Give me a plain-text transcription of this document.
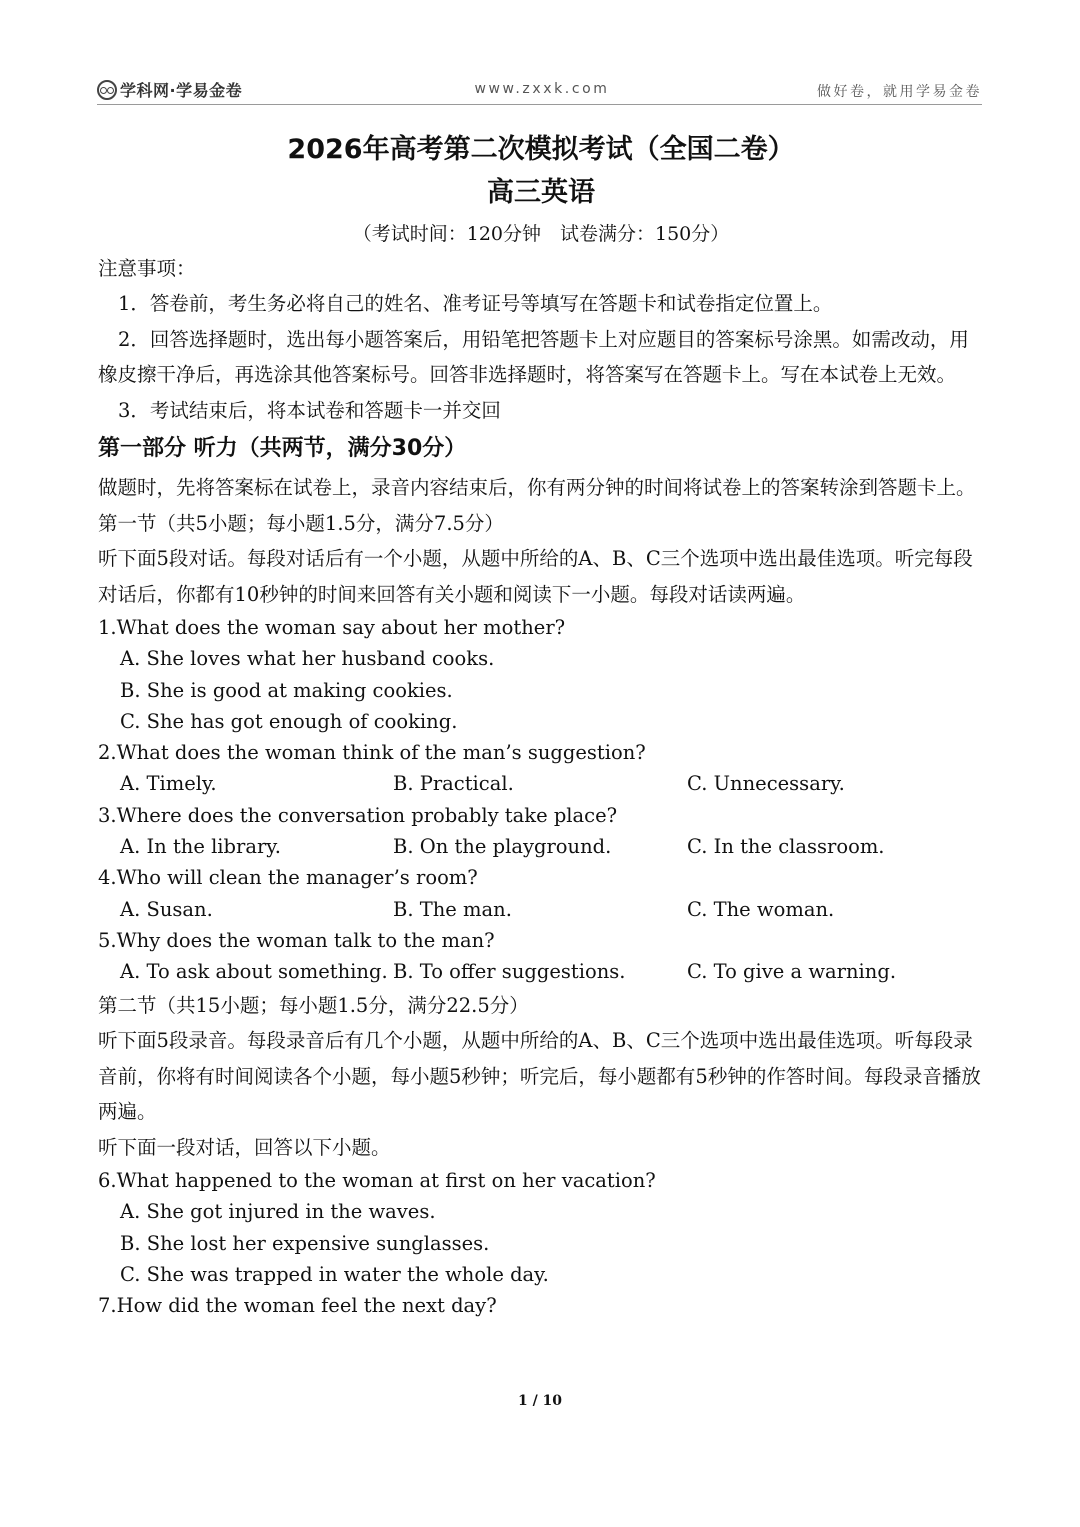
学科网·学易金卷	www.zxxk.com	做好卷，就用学易金卷
2026年高考第二次模拟考试（全国二卷）
高三英语

（考试时间：120分钟　试卷满分：150分）

注意事项：

1．答卷前，考生务必将自己的姓名、准考证号等填写在答题卡和试卷指定位置上。

2．回答选择题时，选出每小题答案后，用铅笔把答题卡上对应题目的答案标号涂黑。如需改动，用橡皮擦干净后，再选涂其他答案标号。回答非选择题时，将答案写在答题卡上。写在本试卷上无效。

3．考试结束后，将本试卷和答题卡一并交回

第一部分 听力（共两节，满分30分）

做题时，先将答案标在试卷上，录音内容结束后，你有两分钟的时间将试卷上的答案转涂到答题卡上。

第一节（共5小题；每小题1.5分，满分7.5分）

听下面5段对话。每段对话后有一个小题，从题中所给的A、B、C三个选项中选出最佳选项。听完每段对话后，你都有10秒钟的时间来回答有关小题和阅读下一小题。每段对话读两遍。

1.What does the woman say about her mother?
A. She loves what her husband cooks.
B. She is good at making cookies.
C. She has got enough of cooking.
2.What does the woman think of the man’s suggestion?
A. Timely.	B. Practical.	C. Unnecessary.
3.Where does the conversation probably take place?
A. In the library.	B. On the playground.	C. In the classroom.
4.Who will clean the manager’s room?
A. Susan.	B. The man.	C. The woman.
5.Why does the woman talk to the man?
A. To ask about something. B. To offer suggestions.	C. To give a warning.

第二节（共15小题；每小题1.5分，满分22.5分）

听下面5段录音。每段录音后有几个小题，从题中所给的A、B、C三个选项中选出最佳选项。听每段录音前，你将有时间阅读各个小题，每小题5秒钟；听完后，每小题都有5秒钟的作答时间。每段录音播放两遍。

听下面一段对话，回答以下小题。

6.What happened to the woman at first on her vacation?
A. She got injured in the waves.
B. She lost her expensive sunglasses.
C. She was trapped in water the whole day.
7.How did the woman feel the next day?
1 / 10
